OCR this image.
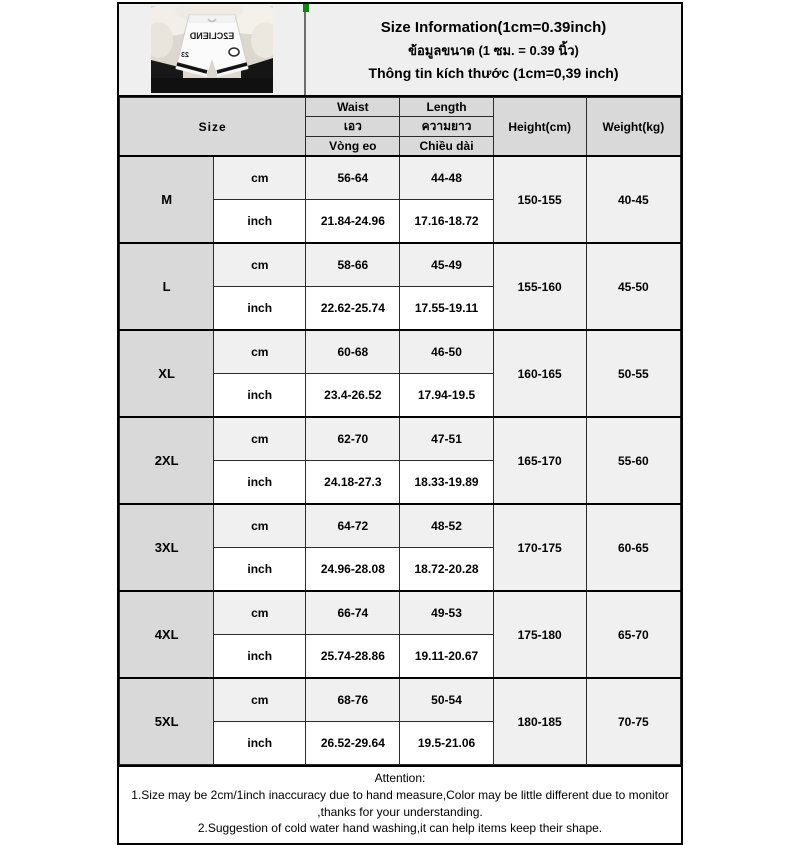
E2CLIEND
23
Size Information(1cm=0.39inch)
ข้อมูลขนาด (1 ซม. = 0.39 นิ้ว)
Thông tin kích thước (1cm=0,39 inch)
Size		Waist	Length	Height(cm)	Weight(kg)
		เอว	ความยาว		
		Vòng eo	Chiều dài		
M	cm	56-64	44-48	150-155	40-45
	inch	21.84-24.96	17.16-18.72		
L	cm	58-66	45-49	155-160	45-50
	inch	22.62-25.74	17.55-19.11		
XL	cm	60-68	46-50	160-165	50-55
	inch	23.4-26.52	17.94-19.5		
2XL	cm	62-70	47-51	165-170	55-60
	inch	24.18-27.3	18.33-19.89		
3XL	cm	64-72	48-52	170-175	60-65
	inch	24.96-28.08	18.72-20.28		
4XL	cm	66-74	49-53	175-180	65-70
	inch	25.74-28.86	19.11-20.67		
5XL	cm	68-76	50-54	180-185	70-75
	inch	26.52-29.64	19.5-21.06		

Attention:

1.Size may be 2cm/1inch inaccuracy due to hand measure,Color may be little different due to monitor ,thanks for your understanding.

2.Suggestion of cold water hand washing,it can help items keep their shape.
